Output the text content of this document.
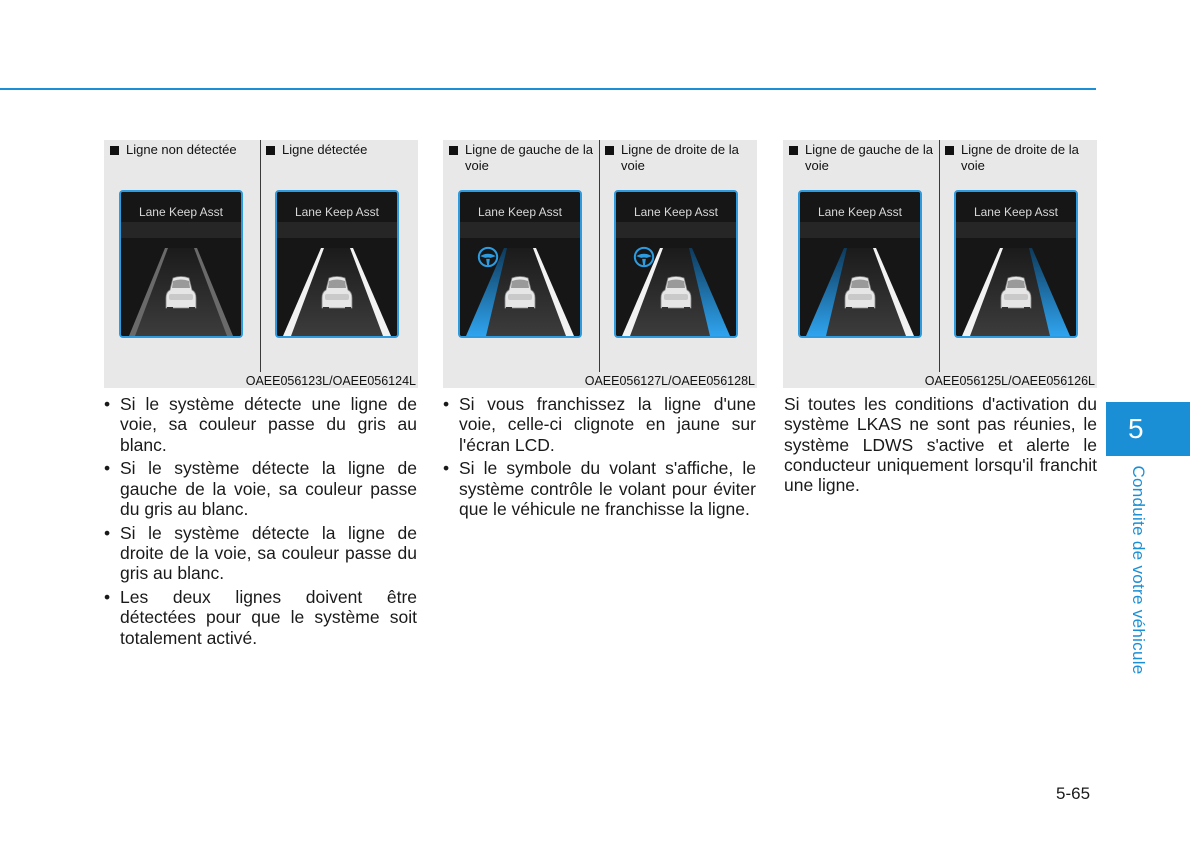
Ligne non détectée	Ligne détectée
Lane Keep Asst	Lane Keep Asst
OAEE056123L/OAEE056124L
Ligne de gauche de la voie
Ligne de droite de la voie
Lane Keep Asst	Lane Keep Asst
OAEE056127L/OAEE056128L
Ligne de gauche de la voie
Ligne de droite de la voie
Lane Keep Asst	Lane Keep Asst
OAEE056125L/OAEE056126L
• Si le système détecte une ligne de voie, sa couleur passe du gris au blanc.
• Si le système détecte la ligne de gauche de la voie, sa couleur passe du gris au blanc.
• Si le système détecte la ligne de droite de la voie, sa couleur passe du gris au blanc.
• Les deux lignes doivent être détectées pour que le système soit totalement activé.
• Si vous franchissez la ligne d'une voie, celle-ci clignote en jaune sur l'écran LCD.
• Si le symbole du volant s'affiche, le système contrôle le volant pour éviter que le véhicule ne franchisse la ligne.
Si toutes les conditions d'activation du système LKAS ne sont pas réunies, le système LDWS s'active et alerte le conducteur uniquement lorsqu'il franchit une ligne.
5
Conduite de votre véhicule
5-65
